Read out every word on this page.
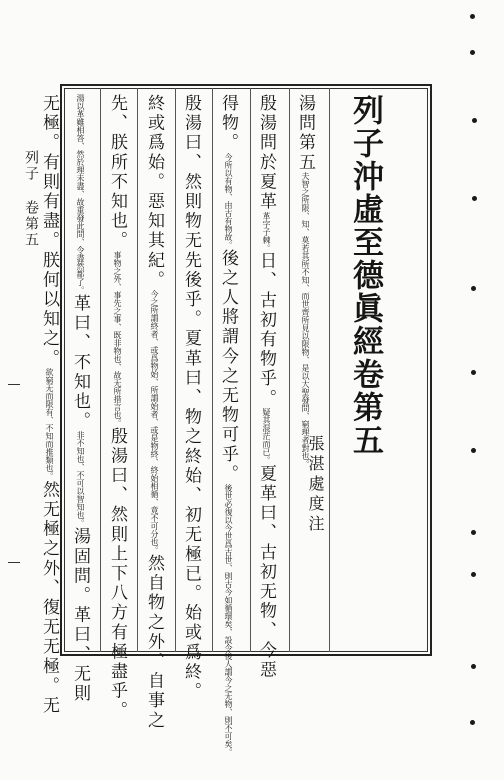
列子沖虛至德眞經卷第五
張湛處度注
湯問第五夫智之所限、知、莫若其所不知、而世齊所見以限物、是以大聖發問、窮理者對也。
殷湯問於夏革革字子棘。日、古初有物乎。疑其混茫而已。夏革曰、古初无物、今惡
得物。今所以有物、由古有物故。後之人將謂今之无物可乎。後世必復以今世爲古世、則古今如循環矣、設令後人謂今之无物、則不可矣。
殷湯曰、然則物无先後乎。夏革曰、物之終始、初无極已。始或爲終。
終或爲始。惡知其紀。今之所謂終者、或爲物始、所謂始者、或是物終、終始相循、竟不可分也。然自物之外、自事之
先、朕所不知也。事物之外、事先之事、既非物也、故无所措言也。殷湯曰、然則上下八方有極盡乎。
湯以革雖相答、然於理未盡、故重發此問、令盡然都了。革曰、不知也。非不知也、不可以智知也。湯固問。革曰、无則
无極。有則有盡。朕何以知之。欲窮无而限有、不知而推類也。然无極之外、復无无極。无
列子 卷第五
